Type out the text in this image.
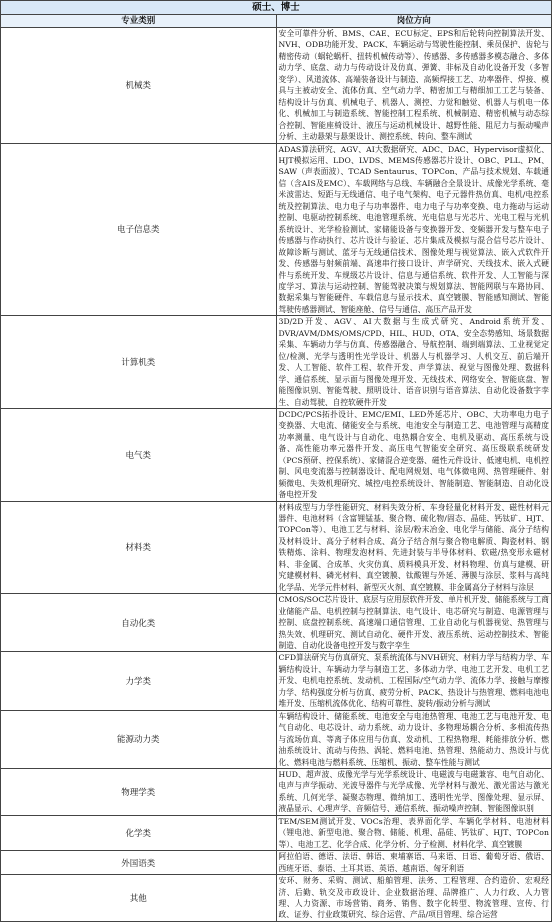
硕士、博士	
专业类别	岗位方向
机械类	安全可靠件分析、BMS、CAE、ECU标定、EPS和后轮转向控制算法开发、NVH、ODB功能开发、PACK、车辆运动与驾驶性能控制、乘员保护、齿轮与精密传动（蜗轮蜗杆、扭转机械传动等）、传感器、多传感器多模态融合、多体动力学、底盘、动力与传动设计及仿真、弹簧、非标及自动化设备开发（多智变学）、风道流体、高端装备设计与制造、高频焊接工艺、功率器件、焊接、模具与主被动安全、流体仿真、空气动力学、精密加工与精细加工工艺与装备、结构设计与仿真、机械电子、机器人、测控、力觉和触觉、机器人与机电一体化、机械加工与制造系统、智能控制工程系统、机械制造、精密机械与动态综合控制、智能座椅设计、液压与运动机械设计、越野性能、阻尼力与振动噪声分析、主动悬架与悬架设计、测控系统、转向、整车测试
电子信息类	ADAS算法研究、AGV、AI大数据研究、ADC、DAC、Hypervisor虚拟化、HJT模拟运用、LDO、LVDS、MEMS传感器芯片设计、OBC、PLL、PM、SAW（声表面波）、TCAD Sentaurus、TOPCon、产品与技术规划、车载通信（含AIS及EMC）、车载网络与总线、车辆融合全景设计、成像光学系统、毫米波雷达、短距与无线通信、电子电气架构、电子元器件热仿真、电机/电控系统及控制算法、电力电子与功率器件、电力电子与功率变换、电力拖动与运动控制、电驱动控制系统、电池管理系统、光电信息与光芯片、光电工程与光机系统设计、光学检验测试、家储能设备与变换器开发、变频器开发与整车电子传感器与作动执行、芯片设计与验证、芯片集成及模拟与混合信号芯片设计、故障诊断与测试、蓝牙与无线通信技术、图像处理与视觉算法、嵌入式软件开发、传感器与射频前端、高速串行接口设计、声学研究、天线技术、嵌入式硬件与系统开发、车规级芯片设计、信息与通信系统、软件开发、人工智能与深度学习、算法与运动控制、智能驾驶决策与规划算法、智能网联与车路协同、数据采集与智能硬件、车载信息与显示技术、真空镀膜、智能感知测试、智能驾驶传感器测试、智能座舱、信号与通信、高压产品开发
计算机类	3D/2D开发、AGV、AI大数据与生成式研究、Android系统开发、DVR/AVM/DMS/OMS/CPD、HIL、HUD、OTA、安全态势感知、场景数据采集、车辆动力学与仿真、传感器融合、导航控制、端到端算法、工业视觉定位/检测、光学与透明性光学设计、机器人与机器学习、人机交互、前后端开发、人工智能、软件工程、软件开发、声学算法、视觉与图像处理、数据科学、通信系统、显示面与图像处理开发、无线技术、网络安全、智能底盘、智能图像识别、智能驾驶、照明设计、语音识别与语音算法、自动化设备数字孪生、自动驾驶、自控软硬件开发
电气类	DCDC/PCS拓扑设计、EMC/EMI、LED外延芯片、OBC、大功率电力电子变换器、大电流、储能安全与系统、电池安全与制造工艺、电池管理与高精度功率测量、电气设计与自动化、电热耦合安全、电机及驱动、高压系统与设备、高性能功率元器件开发、高压电气智能安全研究、高压级联系统研发（PCS预研、控保系统）、家储混合逆变器、磁性元件设计、低速电机、电机控制、风电变流器与控制器设计、配电网规划、电气体微电网、热管理硬件、射频微电、失效机理研究、城控/电控系统设计、智能制造、智能制造、自动化设备电控开发
材料类	材料成型与力学性能研究、材料失效分析、车身轻量化材料开发、磁性材料元器件、电池材料（含富锂锰基、聚合物、硫化物/固态、晶硅、钙钛矿、HJT、TOPCon等）、电池工艺与材料、涂层/粉末冶金、电化学与储能、高分子结构及材料设计、高分子材料合成、高分子结合剂与聚合物电解质、陶瓷材料、钢铁精炼、涂料、物理发泡材料、先进封装与半导体材料、软磁/热变形永磁材料、非金属、合成革、火灾仿真、质料模具开发、材料物理、仿真与建模、研究建模材料、磷光材料、真空镀膜、钛酸锂与外延、薄膜与涂层、浆料与高纯化学品、光学元件材料、新型灭火剂、真空镀膜、非金属高分子材料与涂层
自动化类	CMOS/SOC芯片设计、底层与应用层软件开发、单片机开发、储能系统与工商业储能产品、电机控制与控制算法、电气设计、电芯研究与制造、电源管理与控制、底盘控制系统、高速端口通信管理、工业自动化与机器视觉、热管理与热失效、机理研究、测试自动化、硬件开发、液压系统、运动控制技术、智能制造、自动化设备电控开发与数字孪生
力学类	CFD算法研究与仿真研究、泵系统流体与NVH研究、材料力学与结构力学、车辆结构设计、车辆动力学与制造工艺、多体动力学、电池工艺开发、电机工艺开发、电机电控系统、发动机、工程国际/空气动力学、流体力学、接触与摩擦力学、结构强度分析与仿真、疲劳分析、PACK、热设计与热管理、燃料电池电堆开发、压缩机流体优化、结构可靠性、旋转/振动分析与测试
能源动力类	车辆结构设计、储能系统、电池安全与电池热管理、电池工艺与电池开发、电气自动化、电芯设计、动力系统、动力设计、多物理场耦合分析、多相流传热与流场仿真、等离子体应用与仿真、发动机、工程热物理、耗能排放分析、燃油系统设计、流动与传热、涡轮、燃料电池、热管理、热能动力、热设计与优化、燃料电池与燃料系统、压缩机、振动、整车性能与测试
物理学类	HUD、超声波、成像光学与光学系统设计、电磁波与电磁兼容、电气自动化、电声与声学振动、光波导器件与光学成像、光学材料与激光、激光雷达与激光系统、几何光学、凝聚态物理、微纳加工、透明性光学、图像处理、显示屏、液晶显示、心理声学、音频信号、通信系统、振动噪声控制、智能图像识别
化学类	TEM/SEM测试开发、VOCs治理、表界面化学、车辆化学材料、电池材料（锂电池、新型电池、聚合物、储能、机理、晶硅、钙钛矿、HJT、TOPCon等）、电池工艺、化学合成、化学分析、分子检测、材料化学、真空镀膜
外国语类	阿拉伯语、德语、法语、韩语、柬埔寨语、马来语、日语、葡萄牙语、俄语、西班牙语、泰语、土耳其语、英语、越南语、匈牙利语
其他	安环、财务、采购、测试、船舶管理、法务、工程管理、合约造价、宏观经济、后勤、轨交及市政设计、企业数据治理、品牌推广、人力行政、人力管理、人力资源、市场营销、商务、销售、数字化转型、物流管理、宣传、行政、证券、行业政策研究、综合运营、产品/项目管理、综合运营
